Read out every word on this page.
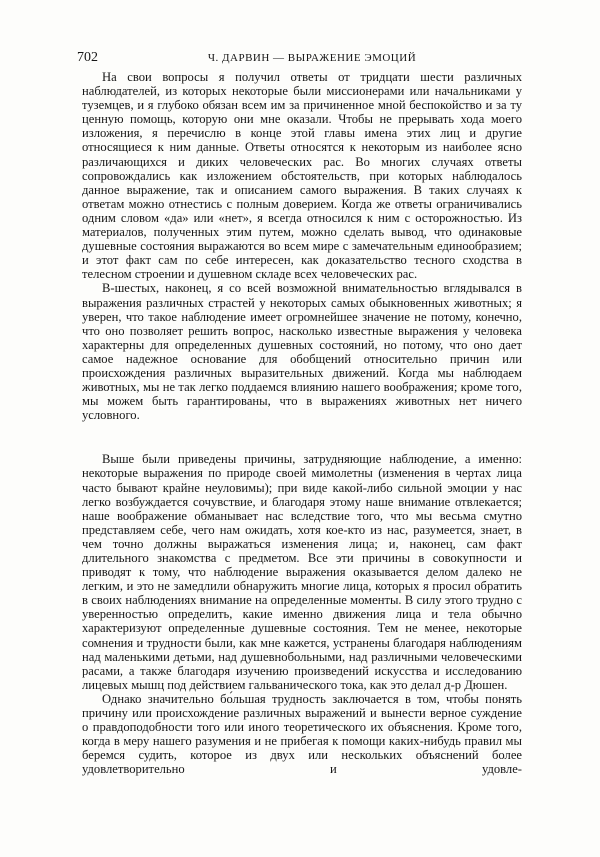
702	Ч. ДАРВИН — ВЫРАЖЕНИЕ ЭМОЦИЙ

На свои вопросы я получил ответы от тридцати шести различных наблюдателей, из которых некоторые были миссионерами или начальниками у туземцев, и я глубоко обязан всем им за причиненное мной беспокойство и за ту ценную помощь, которую они мне оказали. Чтобы не прерывать хода моего изложения, я перечислю в конце этой главы имена этих лиц и другие относящиеся к ним данные. Ответы относятся к некоторым из наиболее ясно различающихся и диких человеческих рас. Во многих случаях ответы сопровождались как изложением обстоятельств, при которых наблюдалось данное выражение, так и описанием самого выражения. В таких случаях к ответам можно отнестись с полным доверием. Когда же ответы ограничивались одним словом «да» или «нет», я всегда относился к ним с осторожностью. Из материалов, полученных этим путем, можно сделать вывод, что одинаковые душевные состояния выражаются во всем мире с замечательным единообразием; и этот факт сам по себе интересен, как доказательство тесного сходства в телесном строении и душевном складе всех человеческих рас.

В-шестых, наконец, я со всей возможной внимательностью вглядывался в выражения различных страстей у некоторых самых обыкновенных животных; я уверен, что такое наблюдение имеет огромнейшее значение не потому, конечно, что оно позволяет решить вопрос, насколько известные выражения у человека характерны для определенных душевных состояний, но потому, что оно дает самое надежное основание для обобщений относительно причин или происхождения различных выразительных движений. Когда мы наблюдаем животных, мы не так легко поддаемся влиянию нашего воображения; кроме того, мы можем быть гарантированы, что в выражениях животных нет ничего условного.

Выше были приведены причины, затрудняющие наблюдение, а именно: некоторые выражения по природе своей мимолетны (изменения в чертах лица часто бывают крайне неуловимы); при виде какой-либо сильной эмоции у нас легко возбуждается сочувствие, и благодаря этому наше внимание отвлекается; наше воображение обманывает нас вследствие того, что мы весьма смутно представляем себе, чего нам ожидать, хотя кое-кто из нас, разумеется, знает, в чем точно должны выражаться изменения лица; и, наконец, сам факт длительного знакомства с предметом. Все эти причины в совокупности и приводят к тому, что наблюдение выражения оказывается делом далеко не легким, и это не замедлили обнаружить многие лица, которых я просил обратить в своих наблюдениях внимание на определенные моменты. В силу этого трудно с уверенностью определить, какие именно движения лица и тела обычно характеризуют определенные душевные состояния. Тем не менее, некоторые сомнения и трудности были, как мне кажется, устранены благодаря наблюдениям над маленькими детьми, над душевнобольными, над различными человеческими расами, а также благодаря изучению произведений искусства и исследованию лицевых мышц под действием гальванического тока, как это делал д-р Дюшен.

Однако значительно бо́льшая трудность заключается в том, чтобы понять причину или происхождение различных выражений и вынести верное суждение о правдоподобности того или иного теоретического их объяснения. Кроме того, когда в меру нашего разумения и не прибегая к помощи каких-нибудь правил мы беремся судить, которое из двух или нескольких объяснений более удовлетворительно и удовле-
